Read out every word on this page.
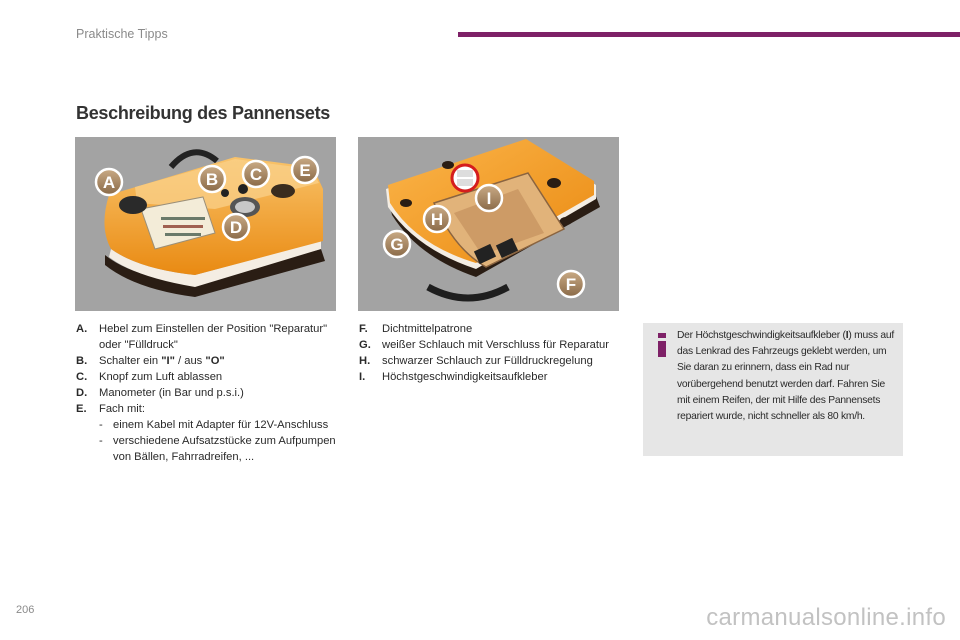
Praktische Tipps
Beschreibung des Pannensets
A	B C
D
E
I
H
G
F
A. Hebel zum Einstellen der Position "Reparatur" oder "Fülldruck"
B. Schalter ein "I" / aus "O"
C. Knopf zum Luft ablassen
D. Manometer (in Bar und p.s.i.)
E. Fach mit:
- einem Kabel mit Adapter für 12V-Anschluss
- verschiedene Aufsatzstücke zum Aufpumpen von Bällen, Fahrradreifen, ...
F. Dichtmittelpatrone
G. weißer Schlauch mit Verschluss für Reparatur
H. schwarzer Schlauch zur Fülldruckregelung
I. Höchstgeschwindigkeitsaufkleber
Der Höchstgeschwindigkeitsaufkleber (I) muss auf das Lenkrad des Fahrzeugs geklebt werden, um Sie daran zu erinnern, dass ein Rad nur vorübergehend benutzt werden darf. Fahren Sie mit einem Reifen, der mit Hilfe des Pannensets repariert wurde, nicht schneller als 80 km/h.
206	carmanualsonline.info
